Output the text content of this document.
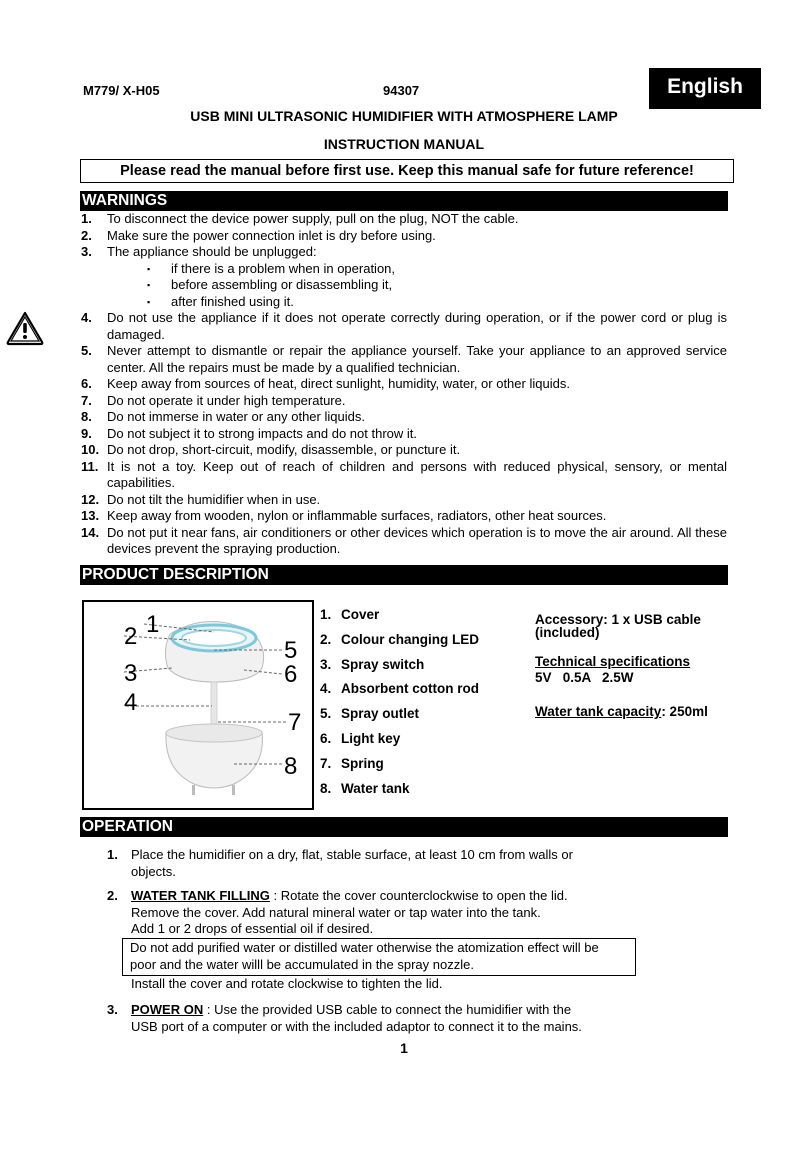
M779/ X-H05	94307	English
USB MINI ULTRASONIC HUMIDIFIER WITH ATMOSPHERE LAMP
INSTRUCTION MANUAL
Please read the manual before first use. Keep this manual safe for future reference!
WARNINGS
1.	To disconnect the device power supply, pull on the plug, NOT the cable.
2.	Make sure the power connection inlet is dry before using.
3.	The appliance should be unplugged:
▪	if there is a problem when in operation,
▪	before assembling or disassembling it,
▪	after finished using it.
4.	Do not use the appliance if it does not operate correctly during operation, or if the power cord or plug is damaged.
5.	Never attempt to dismantle or repair the appliance yourself. Take your appliance to an approved service center. All the repairs must be made by a qualified technician.
6.	Keep away from sources of heat, direct sunlight, humidity, water, or other liquids.
7.	Do not operate it under high temperature.
8.	Do not immerse in water or any other liquids.
9.	Do not subject it to strong impacts and do not throw it.
10. Do not drop, short-circuit, modify, disassemble, or puncture it.
11. It is not a toy. Keep out of reach of children and persons with reduced physical, sensory, or mental capabilities.
12. Do not tilt the humidifier when in use.
13. Keep away from wooden, nylon or inflammable surfaces, radiators, other heat sources.
14. Do not put it near fans, air conditioners or other devices which operation is to move the air around. All these devices prevent the spraying production.
PRODUCT DESCRIPTION
1
2
3
4
5
6
7
8
1. Cover
2. Colour changing LED
3. Spray switch
4. Absorbent cotton rod
5. Spray outlet
6. Light key
7. Spring
8. Water tank
Accessory: 1 x USB cable
(included)
Technical specifications
5V   0.5A   2.5W
Water tank capacity: 250ml
OPERATION
1.	Place the humidifier on a dry, flat, stable surface, at least 10 cm from walls or
objects.
2.	WATER TANK FILLING : Rotate the cover counterclockwise to open the lid.
Remove the cover. Add natural mineral water or tap water into the tank.
Add 1 or 2 drops of essential oil if desired.
Do not add purified water or distilled water otherwise the atomization effect will be
poor and the water willl be accumulated in the spray nozzle.
Install the cover and rotate clockwise to tighten the lid.
3.	POWER ON : Use the provided USB cable to connect the humidifier with the
USB port of a computer or with the included adaptor to connect it to the mains.
1
